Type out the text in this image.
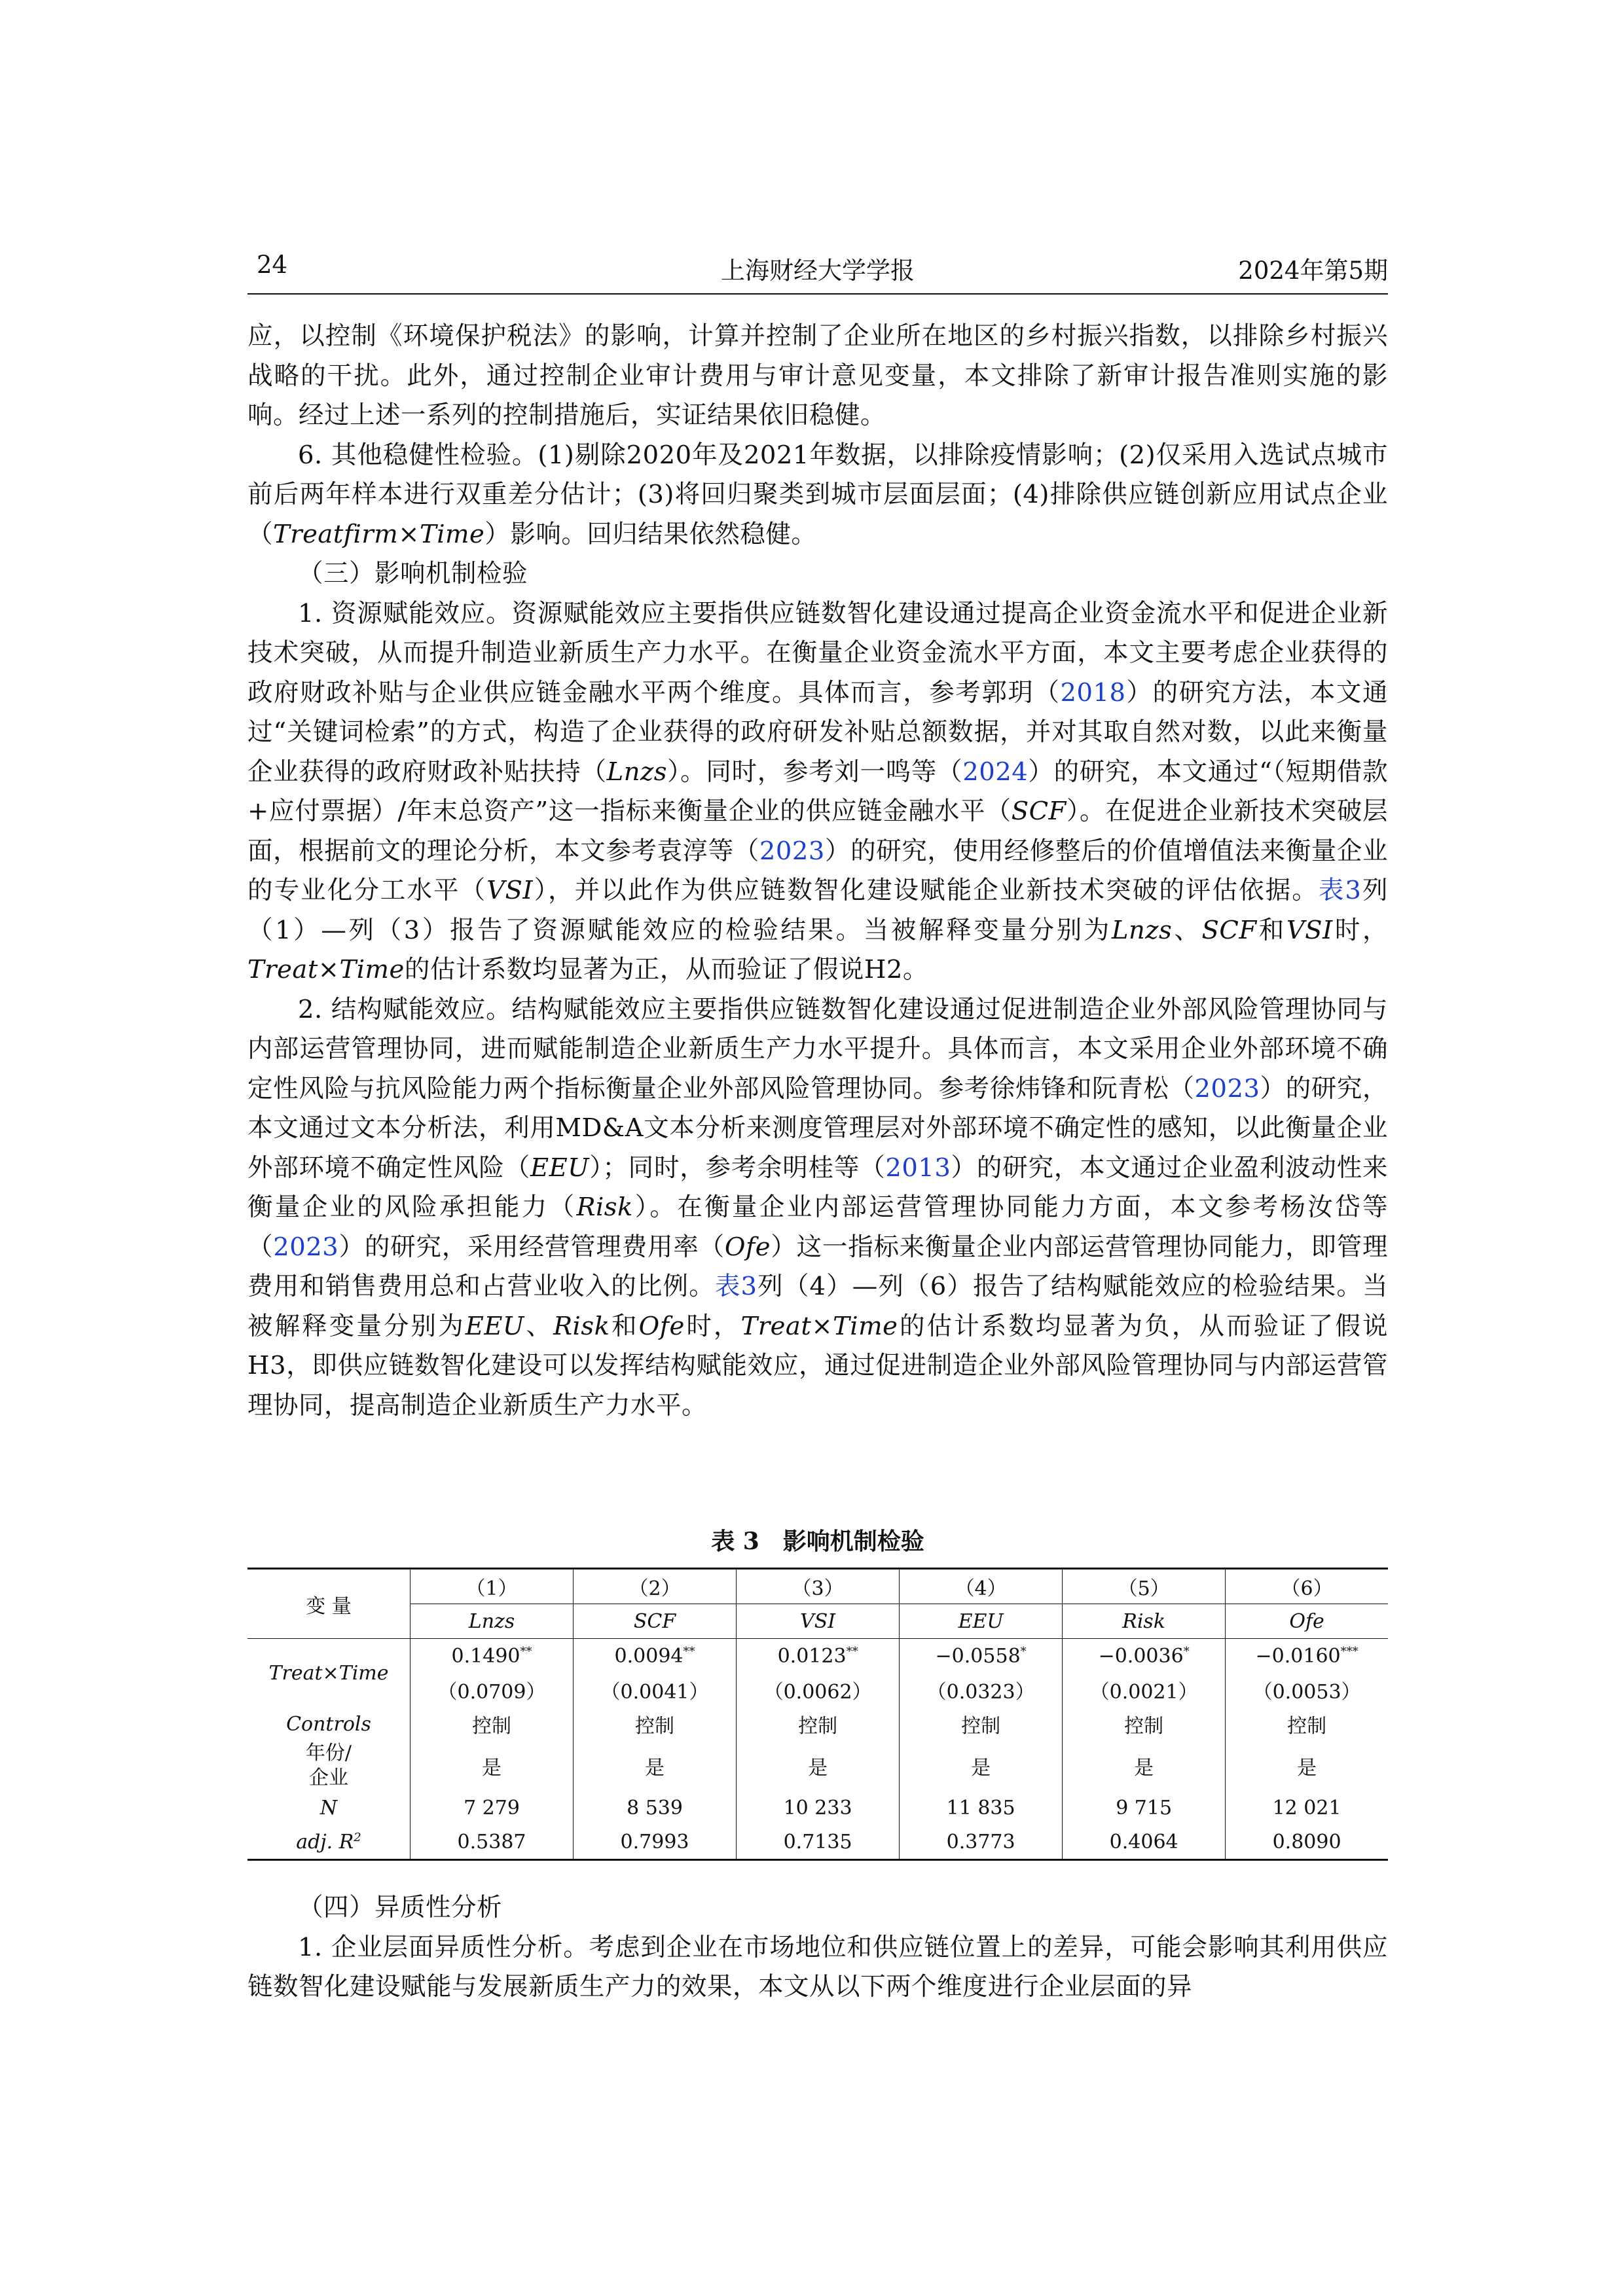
24	上海财经大学学报	2024年第5期

应，以控制《环境保护税法》的影响，计算并控制了企业所在地区的乡村振兴指数，以排除乡村振兴战略的干扰。此外，通过控制企业审计费用与审计意见变量，本文排除了新审计报告准则实施的影响。经过上述一系列的控制措施后，实证结果依旧稳健。

6. 其他稳健性检验。(1)剔除2020年及2021年数据，以排除疫情影响；(2)仅采用入选试点城市前后两年样本进行双重差分估计；(3)将回归聚类到城市层面层面；(4)排除供应链创新应用试点企业（Treatfirm×Time）影响。回归结果依然稳健。

（三）影响机制检验

1. 资源赋能效应。资源赋能效应主要指供应链数智化建设通过提高企业资金流水平和促进企业新技术突破，从而提升制造业新质生产力水平。在衡量企业资金流水平方面，本文主要考虑企业获得的政府财政补贴与企业供应链金融水平两个维度。具体而言，参考郭玥（2018）的研究方法，本文通过“关键词检索”的方式，构造了企业获得的政府研发补贴总额数据，并对其取自然对数，以此来衡量企业获得的政府财政补贴扶持（Lnzs）。同时，参考刘一鸣等（2024）的研究，本文通过“（短期借款+应付票据）/年末总资产”这一指标来衡量企业的供应链金融水平（SCF）。在促进企业新技术突破层面，根据前文的理论分析，本文参考袁淳等（2023）的研究，使用经修整后的价值增值法来衡量企业的专业化分工水平（VSI），并以此作为供应链数智化建设赋能企业新技术突破的评估依据。表3列（1）—列（3）报告了资源赋能效应的检验结果。当被解释变量分别为Lnzs、SCF和VSI时，Treat×Time的估计系数均显著为正，从而验证了假说H2。

2. 结构赋能效应。结构赋能效应主要指供应链数智化建设通过促进制造企业外部风险管理协同与内部运营管理协同，进而赋能制造企业新质生产力水平提升。具体而言，本文采用企业外部环境不确定性风险与抗风险能力两个指标衡量企业外部风险管理协同。参考徐炜锋和阮青松（2023）的研究，本文通过文本分析法，利用MD&A文本分析来测度管理层对外部环境不确定性的感知，以此衡量企业外部环境不确定性风险（EEU）；同时，参考余明桂等（2013）的研究，本文通过企业盈利波动性来衡量企业的风险承担能力（Risk）。在衡量企业内部运营管理协同能力方面，本文参考杨汝岱等（2023）的研究，采用经营管理费用率（Ofe）这一指标来衡量企业内部运营管理协同能力，即管理费用和销售费用总和占营业收入的比例。表3列（4）—列（6）报告了结构赋能效应的检验结果。当被解释变量分别为EEU、Risk和Ofe时，Treat×Time的估计系数均显著为负，从而验证了假说H3，即供应链数智化建设可以发挥结构赋能效应，通过促进制造企业外部风险管理协同与内部运营管理协同，提高制造企业新质生产力水平。

表 3　影响机制检验
变 量	（1）	（2）	（3）	（4）	（5）	（6）
	Lnzs	SCF	VSI	EEU	Risk	Ofe
Treat×Time	0.1490**	0.0094**	0.0123**	−0.0558*	−0.0036*	−0.0160***
	（0.0709）	（0.0041）	（0.0062）	（0.0323）	（0.0021）	（0.0053）
Controls	控制	控制	控制	控制	控制	控制
年份/
企业	是	是	是	是	是	是
N	7 279	8 539	10 233	11 835	9 715	12 021
adj. $R^2$	0.5387	0.7993	0.7135	0.3773	0.4064	0.8090

（四）异质性分析

1. 企业层面异质性分析。考虑到企业在市场地位和供应链位置上的差异，可能会影响其利用供应链数智化建设赋能与发展新质生产力的效果，本文从以下两个维度进行企业层面的异
